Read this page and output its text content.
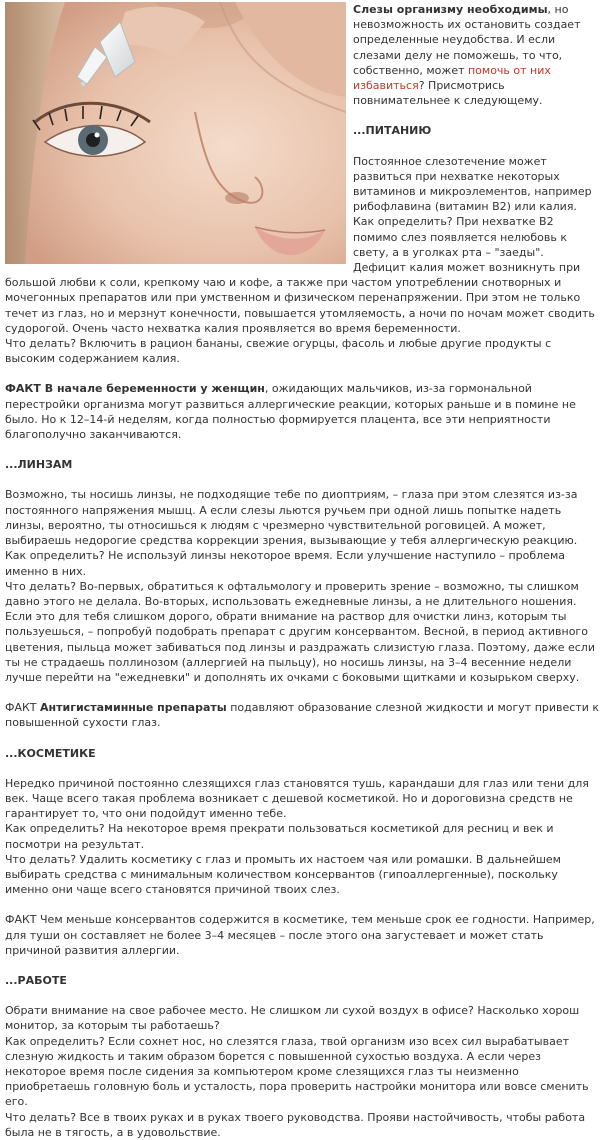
Слезы организму необходимы, но невозможность их остановить создает определенные неудобства. И если слезами делу не поможешь, то что, собственно, может помочь от них избавиться? Присмотрись повнимательнее к следующему.

...ПИТАНИЮ

Постоянное слезотечение может развиться при нехватке некоторых витаминов и микроэлементов, например рибофлавина (витамин B2) или калия.

Как определить? При нехватке В2 помимо слез появляется нелюбовь к свету, а в уголках рта – "заеды". Дефицит калия может возникнуть при большой любви к соли, крепкому чаю и кофе, а также при частом употреблении снотворных и мочегонных препаратов или при умственном и физическом перенапряжении. При этом не только течет из глаз, но и мерзнут конечности, повышается утомляемость, а ночи по ночам может сводить судорогой. Очень часто нехватка калия проявляется во время беременности.

Что делать? Включить в рацион бананы, свежие огурцы, фасоль и любые другие продукты с высоким содержанием калия.

ФАКТ В начале беременности у женщин, ожидающих мальчиков, из-за гормональной перестройки организма могут развиться аллергические реакции, которых раньше и в помине не было. Но к 12–14-й неделям, когда полностью формируется плацента, все эти неприятности благополучно заканчиваются.

...ЛИНЗАМ

Возможно, ты носишь линзы, не подходящие тебе по диоптриям, – глаза при этом слезятся из-за постоянного напряжения мышц. А если слезы льются ручьем при одной лишь попытке надеть линзы, вероятно, ты относишься к людям с чрезмерно чувствительной роговицей. А может, выбираешь недорогие средства коррекции зрения, вызывающие у тебя аллергическую реакцию.

Как определить? Не используй линзы некоторое время. Если улучшение наступило – проблема именно в них.

Что делать? Во-первых, обратиться к офтальмологу и проверить зрение – возможно, ты слишком давно этого не делала. Во-вторых, использовать ежедневные линзы, а не длительного ношения. Если это для тебя слишком дорого, обрати внимание на раствор для очистки линз, которым ты пользуешься, – попробуй подобрать препарат с другим консервантом. Весной, в период активного цветения, пыльца может забиваться под линзы и раздражать слизистую глаза. Поэтому, даже если ты не страдаешь поллинозом (аллергией на пыльцу), но носишь линзы, на 3–4 весенние недели лучше перейти на "ежедневки" и дополнять их очками с боковыми щитками и козырьком сверху.

ФАКТ Антигистаминные препараты подавляют образование слезной жидкости и могут привести к повышенной сухости глаз.

...КОСМЕТИКЕ

Нередко причиной постоянно слезящихся глаз становятся тушь, карандаши для глаз или тени для век. Чаще всего такая проблема возникает с дешевой косметикой. Но и дороговизна средств не гарантирует то, что они подойдут именно тебе.

Как определить? На некоторое время прекрати пользоваться косметикой для ресниц и век и посмотри на результат.

Что делать? Удалить косметику с глаз и промыть их настоем чая или ромашки. В дальнейшем выбирать средства с минимальным количеством консервантов (гипоаллергенные), поскольку именно они чаще всего становятся причиной твоих слез.

ФАКТ Чем меньше консервантов содержится в косметике, тем меньше срок ее годности. Например, для туши он составляет не более 3–4 месяцев – после этого она загустевает и может стать причиной развития аллергии.

...РАБОТЕ

Обрати внимание на свое рабочее место. Не слишком ли сухой воздух в офисе? Насколько хорош монитор, за которым ты работаешь?

Как определить? Если сохнет нос, но слезятся глаза, твой организм изо всех сил вырабатывает слезную жидкость и таким образом борется с повышенной сухостью воздуха. А если через некоторое время после сидения за компьютером кроме слезящихся глаз ты неизменно приобретаешь головную боль и усталость, пора проверить настройки монитора или вовсе сменить его.

Что делать? Все в твоих руках и в руках твоего руководства. Прояви настойчивость, чтобы работа была не в тягость, а в удовольствие.
